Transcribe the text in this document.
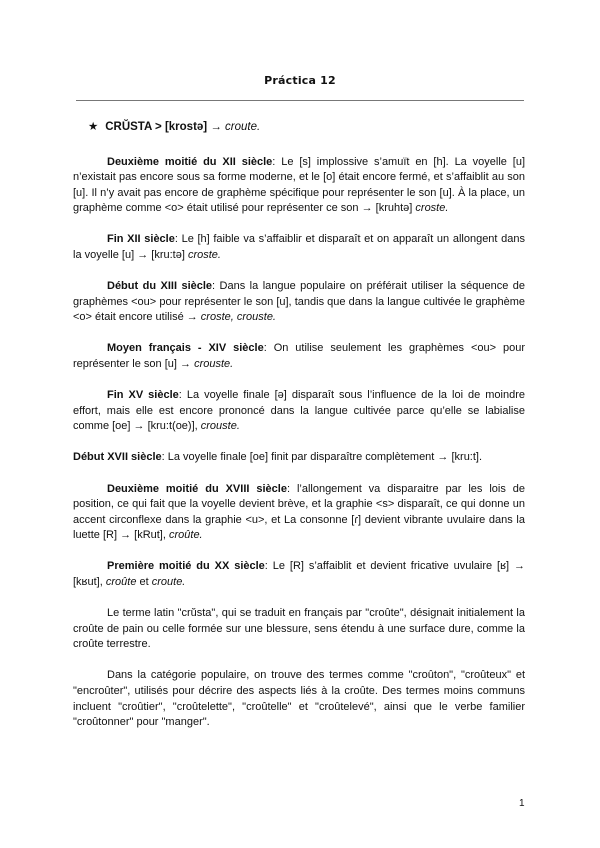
Práctica 12

★ CRŬSTA > [krostə] → croute.

Deuxième moitié du XII siècle: Le [s] implossive s’amuït en [h]. La voyelle [u] n’existait pas encore sous sa forme moderne, et le [o] était encore fermé, et s’affaiblit au son [u]. Il n’y avait pas encore de graphème spécifique pour représenter le son [u]. À la place, un graphème comme <o> était utilisé pour représenter ce son → [kruhtə] croste.

Fin XII siècle: Le [h] faible va s’affaiblir et disparaît et on apparaît un allongent dans la voyelle [u] → [kru:tə] croste.

Début du XIII siècle: Dans la langue populaire on préférait utiliser la séquence de graphèmes <ou> pour représenter le son [u], tandis que dans la langue cultivée le graphème <o> était encore utilisé → croste, crouste.

Moyen français - XIV siècle: On utilise seulement les graphèmes <ou> pour représenter le son [u] → crouste.

Fin XV siècle: La voyelle finale [ə] disparaît sous l’influence de la loi de moindre effort, mais elle est encore prononcé dans la langue cultivée parce qu’elle se labialise comme [oe] → [kru:t(oe)], crouste.

Début XVII siècle: La voyelle finale [oe] finit par disparaître complètement → [kru:t].

Deuxième moitié du XVIII siècle: l’allongement va disparaitre par les lois de position, ce qui fait que la voyelle devient brève, et la graphie <s> disparaît, ce qui donne un accent circonflexe dans la graphie <u>, et La consonne [ɾ] devient vibrante uvulaire dans la luette [R] → [kRut], croûte.

Première moitié du XX siècle: Le [R] s’affaiblit et devient fricative uvulaire [ʁ] → [kʁut], croûte et croute.

Le terme latin "crŭsta", qui se traduit en français par "croûte", désignait initialement la croûte de pain ou celle formée sur une blessure, sens étendu à une surface dure, comme la croûte terrestre.

Dans la catégorie populaire, on trouve des termes comme "croûton", "croûteux" et "encroûter", utilisés pour décrire des aspects liés à la croûte. Des termes moins communs incluent "croûtier", "croûtelette", "croûtelle" et "croûtelevé", ainsi que le verbe familier "croûtonner" pour "manger".

1
